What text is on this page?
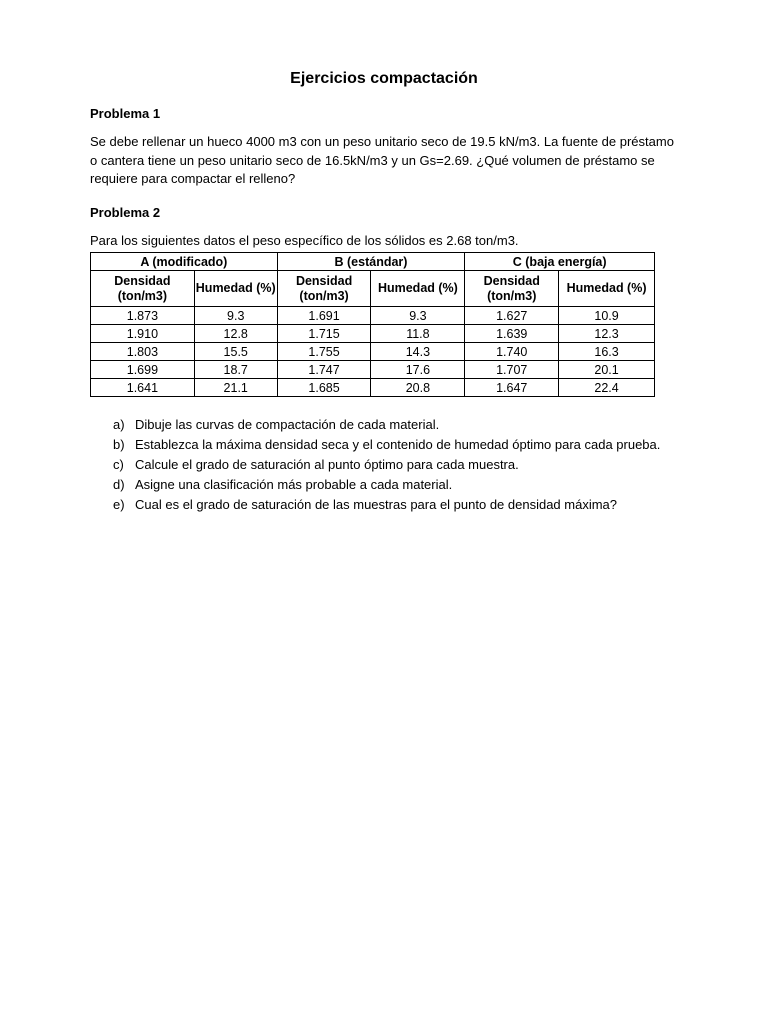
Ejercicios compactación
Problema 1
Se debe rellenar un hueco 4000 m3 con un peso unitario seco de 19.5 kN/m3. La fuente de préstamo o cantera tiene un peso unitario seco de 16.5kN/m3 y un Gs=2.69. ¿Qué volumen de préstamo se requiere para compactar el relleno?
Problema 2
Para los siguientes datos el peso específico de los sólidos es 2.68 ton/m3.
A (modificado)		B (estándar)		C (baja energía)	
Densidad (ton/m3)	Humedad (%)	Densidad (ton/m3)	Humedad (%)	Densidad (ton/m3)	Humedad (%)
1.873	9.3	1.691	9.3	1.627	10.9
1.910	12.8	1.715	11.8	1.639	12.3
1.803	15.5	1.755	14.3	1.740	16.3
1.699	18.7	1.747	17.6	1.707	20.1
1.641	21.1	1.685	20.8	1.647	22.4
a) Dibuje las curvas de compactación de cada material.
b) Establezca la máxima densidad seca y el contenido de humedad óptimo para cada prueba.
c) Calcule el grado de saturación al punto óptimo para cada muestra.
d) Asigne una clasificación más probable a cada material.
e) Cual es el grado de saturación de las muestras para el punto de densidad máxima?
